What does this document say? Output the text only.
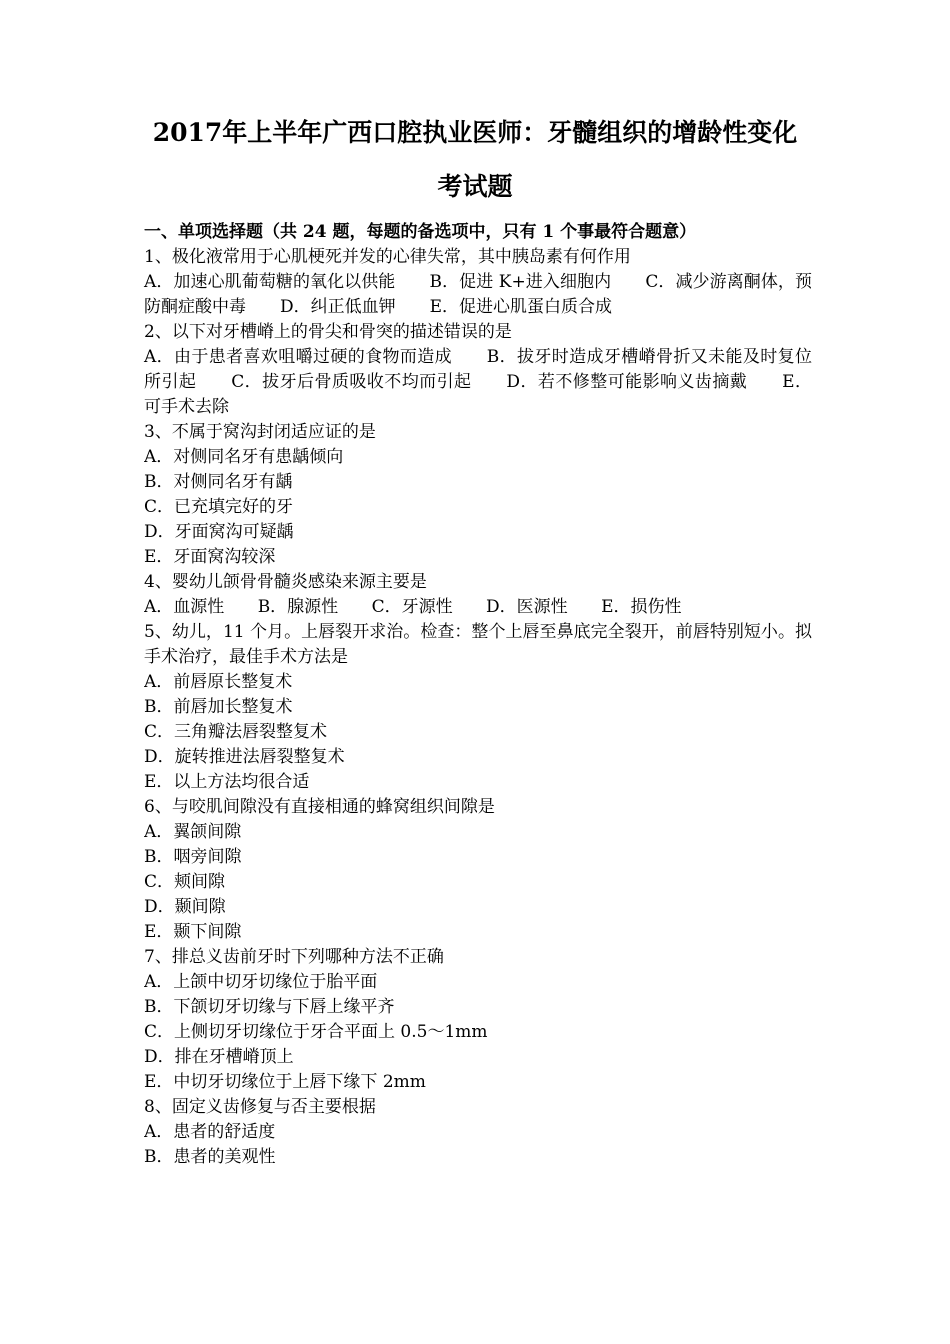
2017年上半年广西口腔执业医师：牙髓组织的增龄性变化
考试题
一、单项选择题（共 24 题，每题的备选项中，只有 1 个事最符合题意）
1、极化液常用于心肌梗死并发的心律失常，其中胰岛素有何作用
A．加速心肌葡萄糖的氧化以供能　　B．促进 K+进入细胞内　　C．减少游离酮体，预防酮症酸中毒　　D．纠正低血钾　　E．促进心肌蛋白质合成
2、以下对牙槽嵴上的骨尖和骨突的描述错误的是
A．由于患者喜欢咀嚼过硬的食物而造成　　B．拔牙时造成牙槽嵴骨折又未能及时复位所引起　　C．拔牙后骨质吸收不均而引起　　D．若不修整可能影响义齿摘戴　　E．可手术去除
3、不属于窝沟封闭适应证的是
A．对侧同名牙有患龋倾向
B．对侧同名牙有龋
C．已充填完好的牙
D．牙面窝沟可疑龋
E．牙面窝沟较深
4、婴幼儿颌骨骨髓炎感染来源主要是
A．血源性 B．腺源性 C．牙源性 D．医源性 E．损伤性
5、幼儿，11 个月。上唇裂开求治。检查：整个上唇至鼻底完全裂开，前唇特别短小。拟手术治疗，最佳手术方法是
A．前唇原长整复术
B．前唇加长整复术
C．三角瓣法唇裂整复术
D．旋转推进法唇裂整复术
E．以上方法均很合适
6、与咬肌间隙没有直接相通的蜂窝组织间隙是
A．翼颌间隙
B．咽旁间隙
C．颊间隙
D．颞间隙
E．颞下间隙
7、排总义齿前牙时下列哪种方法不正确
A．上颌中切牙切缘位于胎平面
B．下颌切牙切缘与下唇上缘平齐
C．上侧切牙切缘位于牙合平面上 0.5～1mm
D．排在牙槽嵴顶上
E．中切牙切缘位于上唇下缘下 2mm
8、固定义齿修复与否主要根据
A．患者的舒适度
B．患者的美观性
